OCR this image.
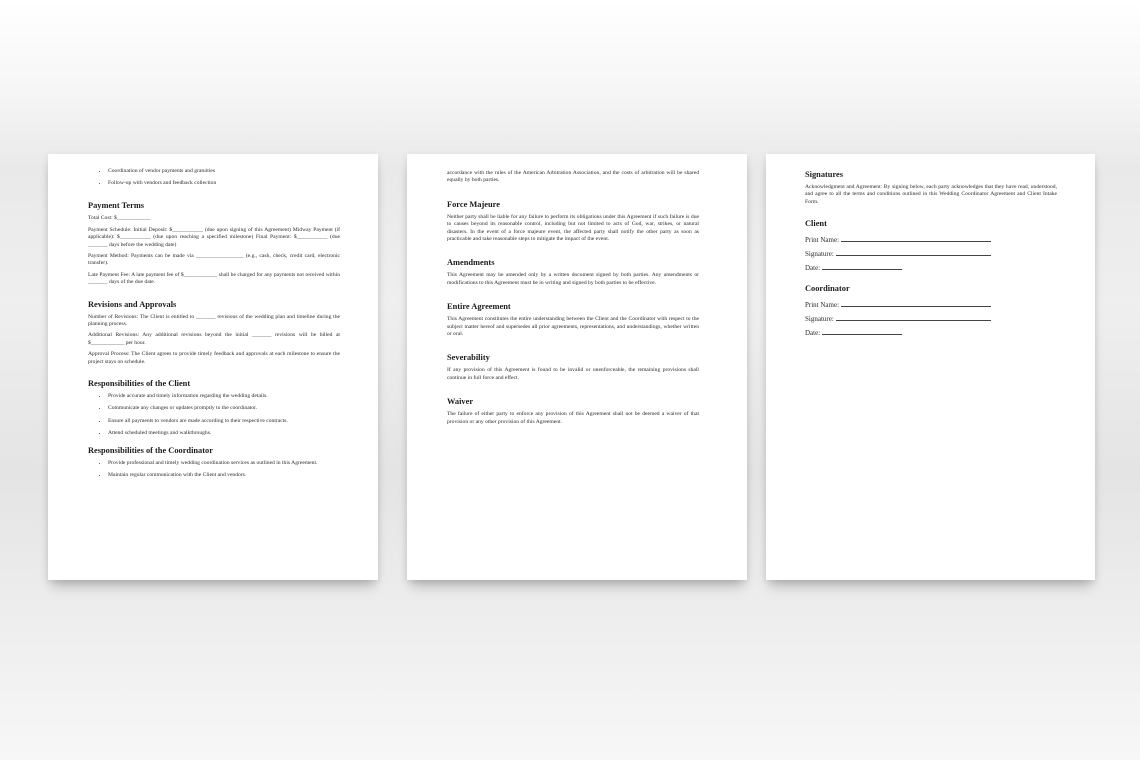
• Coordination of vendor payments and gratuities
• Follow-up with vendors and feedback collection
Payment Terms
Total Cost: $____________
Payment Schedule: Initial Deposit: $___________ (due upon signing of this Agreement) Midway Payment (if applicable): $___________ (due upon reaching a specified milestone) Final Payment: $___________ (due _______ days before the wedding date)
Payment Method: Payments can be made via _________________ (e.g., cash, check, credit card, electronic transfer).
Late Payment Fee: A late payment fee of $____________ shall be charged for any payments not received within _______ days of the due date.
Revisions and Approvals
Number of Revisions: The Client is entitled to _______ revisions of the wedding plan and timeline during the planning process.
Additional Revisions: Any additional revisions beyond the initial _______ revisions will be billed at $____________ per hour.
Approval Process: The Client agrees to provide timely feedback and approvals at each milestone to ensure the project stays on schedule.
Responsibilities of the Client
• Provide accurate and timely information regarding the wedding details.
• Communicate any changes or updates promptly to the coordinator.
• Ensure all payments to vendors are made according to their respective contracts.
• Attend scheduled meetings and walkthroughs.
Responsibilities of the Coordinator
• Provide professional and timely wedding coordination services as outlined in this Agreement.
• Maintain regular communication with the Client and vendors.
accordance with the rules of the American Arbitration Association, and the costs of arbitration will be shared equally by both parties.
Force Majeure
Neither party shall be liable for any failure to perform its obligations under this Agreement if such failure is due to causes beyond its reasonable control, including but not limited to acts of God, war, strikes, or natural disasters. In the event of a force majeure event, the affected party shall notify the other party as soon as practicable and take reasonable steps to mitigate the impact of the event.
Amendments
This Agreement may be amended only by a written document signed by both parties. Any amendments or modifications to this Agreement must be in writing and signed by both parties to be effective.
Entire Agreement
This Agreement constitutes the entire understanding between the Client and the Coordinator with respect to the subject matter hereof and supersedes all prior agreements, representations, and understandings, whether written or oral.
Severability
If any provision of this Agreement is found to be invalid or unenforceable, the remaining provisions shall continue in full force and effect.
Waiver
The failure of either party to enforce any provision of this Agreement shall not be deemed a waiver of that provision or any other provision of this Agreement.
Signatures
Acknowledgment and Agreement: By signing below, each party acknowledges that they have read, understood, and agree to all the terms and conditions outlined in this Wedding Coordinator Agreement and Client Intake Form.
Client
Print Name:
Signature:
Date:
Coordinator
Print Name:
Signature:
Date:
